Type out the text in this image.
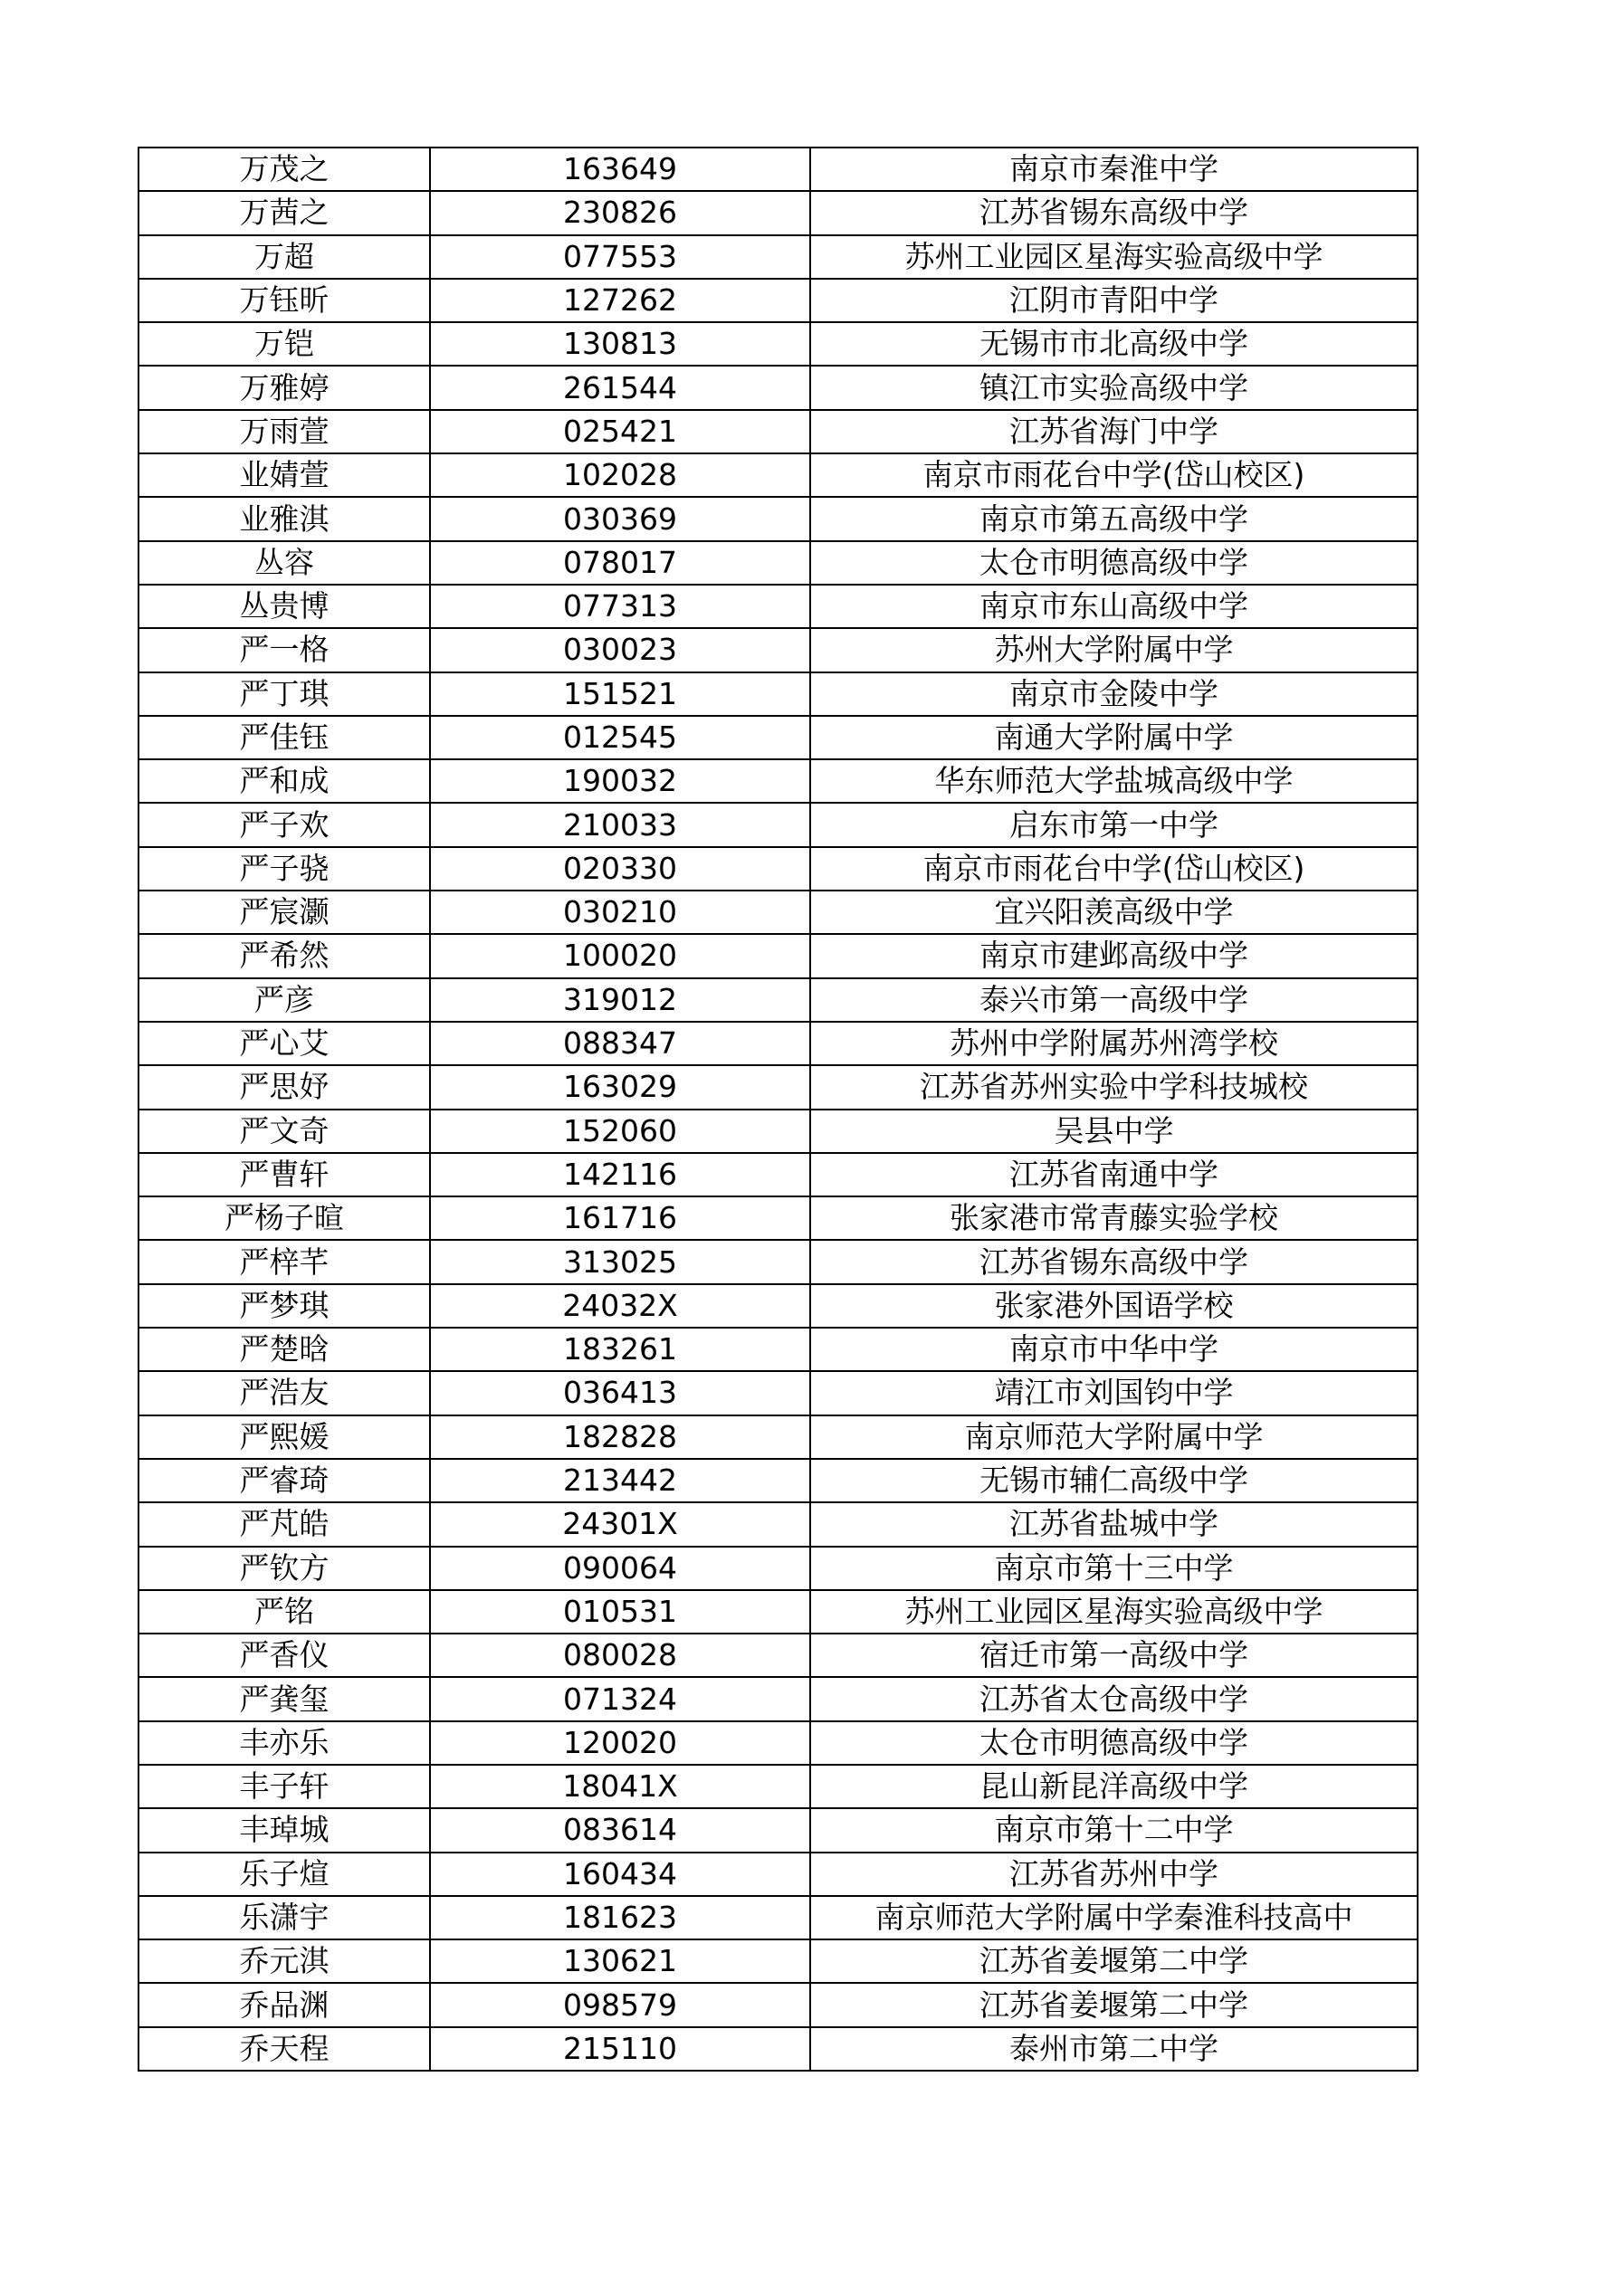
万茂之	163649	南京市秦淮中学
万茜之	230826	江苏省锡东高级中学
万超	077553	苏州工业园区星海实验高级中学
万钰昕	127262	江阴市青阳中学
万铠	130813	无锡市市北高级中学
万雅婷	261544	镇江市实验高级中学
万雨萱	025421	江苏省海门中学
业婧萱	102028	南京市雨花台中学(岱山校区)
业雅淇	030369	南京市第五高级中学
丛容	078017	太仓市明德高级中学
丛贵博	077313	南京市东山高级中学
严一格	030023	苏州大学附属中学
严丁琪	151521	南京市金陵中学
严佳钰	012545	南通大学附属中学
严和成	190032	华东师范大学盐城高级中学
严子欢	210033	启东市第一中学
严子骁	020330	南京市雨花台中学(岱山校区)
严宸灏	030210	宜兴阳羡高级中学
严希然	100020	南京市建邺高级中学
严彦	319012	泰兴市第一高级中学
严心艾	088347	苏州中学附属苏州湾学校
严思妤	163029	江苏省苏州实验中学科技城校
严文奇	152060	吴县中学
严曹轩	142116	江苏省南通中学
严杨子暄	161716	张家港市常青藤实验学校
严梓芊	313025	江苏省锡东高级中学
严梦琪	24032X	张家港外国语学校
严楚晗	183261	南京市中华中学
严浩友	036413	靖江市刘国钧中学
严熙媛	182828	南京师范大学附属中学
严睿琦	213442	无锡市辅仁高级中学
严芃皓	24301X	江苏省盐城中学
严钦方	090064	南京市第十三中学
严铭	010531	苏州工业园区星海实验高级中学
严香仪	080028	宿迁市第一高级中学
严龚玺	071324	江苏省太仓高级中学
丰亦乐	120020	太仓市明德高级中学
丰子轩	18041X	昆山新昆洋高级中学
丰琸城	083614	南京市第十二中学
乐子煊	160434	江苏省苏州中学
乐潇宇	181623	南京师范大学附属中学秦淮科技高中
乔元淇	130621	江苏省姜堰第二中学
乔品渊	098579	江苏省姜堰第二中学
乔天程	215110	泰州市第二中学
